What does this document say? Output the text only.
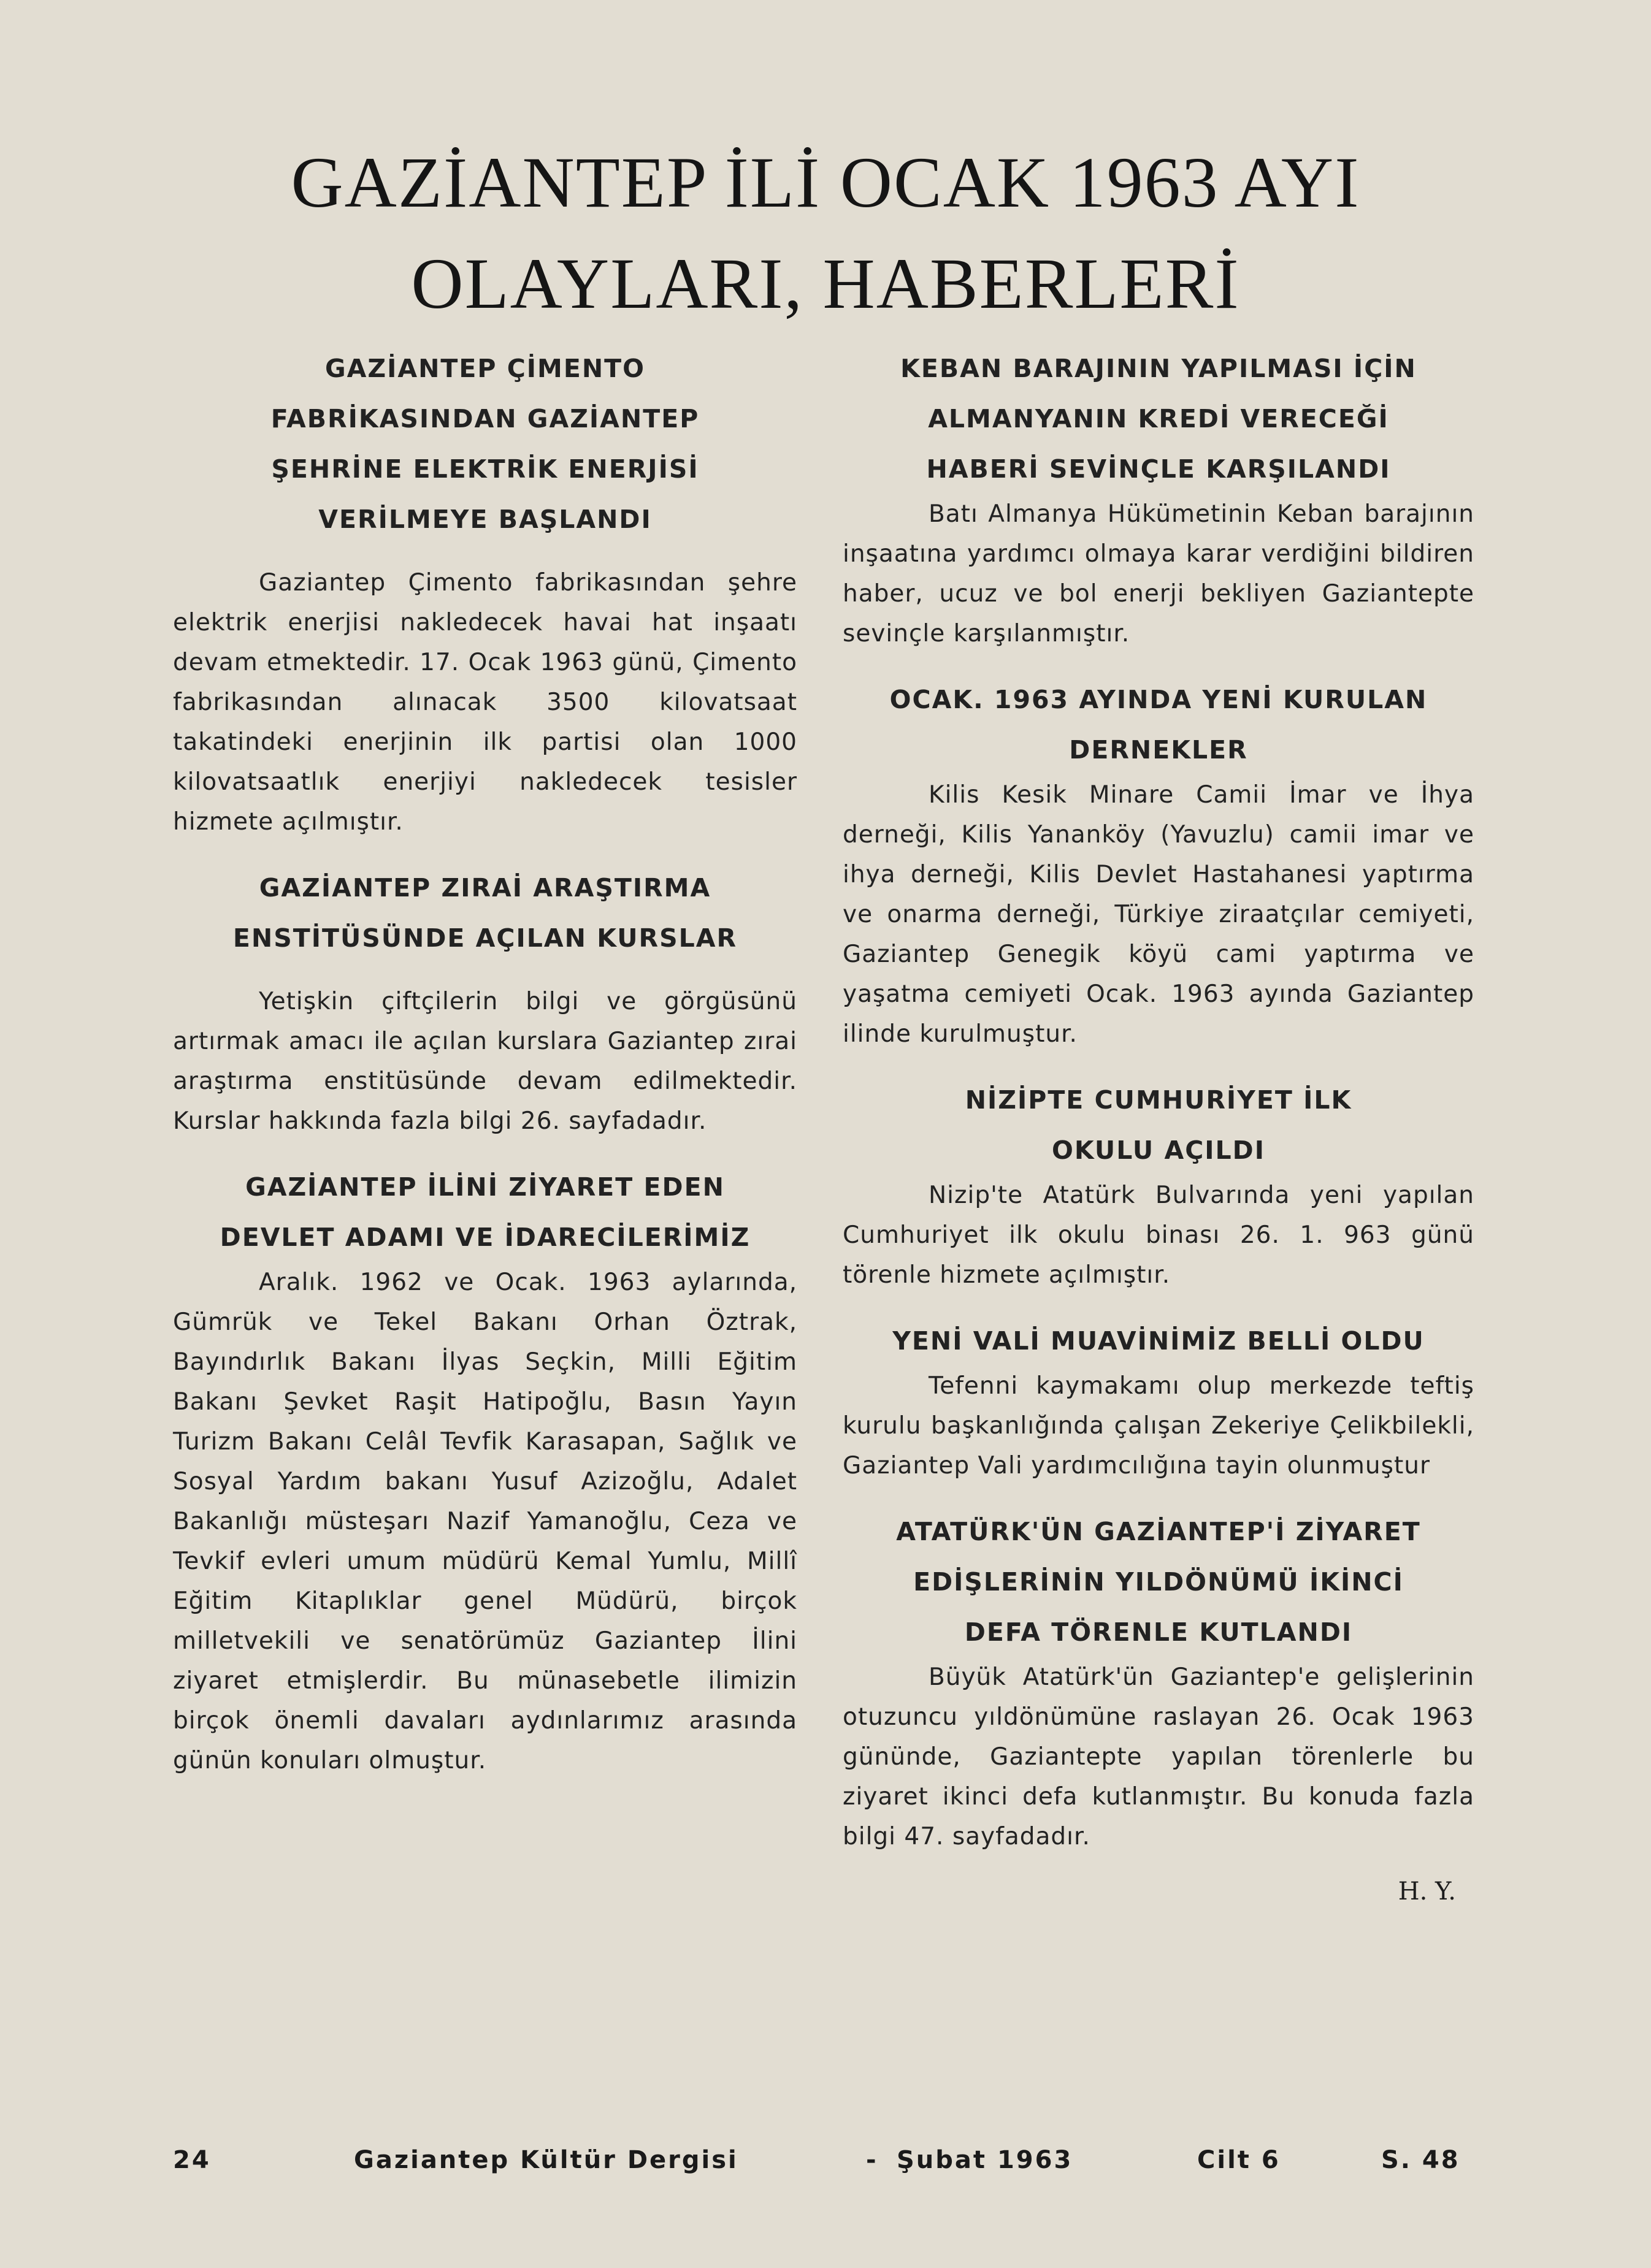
GAZİANTEP İLİ OCAK 1963 AYI
OLAYLARI, HABERLERİ

GAZİANTEP ÇİMENTO

FABRİKASINDAN GAZİANTEP

ŞEHRİNE ELEKTRİK ENERJİSİ

VERİLMEYE BAŞLANDI

Gaziantep Çimento fabrikasından şehre elektrik enerjisi nakledecek havai hat inşaatı devam etmektedir. 17. Ocak 1963 günü, Çimento fabrikasından alınacak 3500 kilovatsaat takatindeki enerjinin ilk partisi olan 1000 kilovatsaatlık enerjiyi nakledecek tesisler hizmete açılmıştır.

GAZİANTEP ZIRAİ ARAŞTIRMA

ENSTİTÜSÜNDE AÇILAN KURSLAR

Yetişkin çiftçilerin bilgi ve görgüsünü artırmak amacı ile açılan kurslara Gaziantep zırai araştırma enstitüsünde devam edilmektedir. Kurslar hakkında fazla bilgi 26. sayfadadır.

GAZİANTEP İLİNİ ZİYARET EDEN

DEVLET ADAMI VE İDARECİLERİMİZ

Aralık. 1962 ve Ocak. 1963 aylarında, Gümrük ve Tekel Bakanı Orhan Öztrak, Bayındırlık Bakanı İlyas Seçkin, Milli Eğitim Bakanı Şevket Raşit Hatipoğlu, Basın Yayın Turizm Bakanı Celâl Tevfik Karasapan, Sağlık ve Sosyal Yardım bakanı Yusuf Azizoğlu, Adalet Bakanlığı müsteşarı Nazif Yamanoğlu, Ceza ve Tevkif evleri umum müdürü Kemal Yumlu, Millî Eğitim Kitaplıklar genel Müdürü, birçok milletvekili ve senatörümüz Gaziantep İlini ziyaret etmişlerdir. Bu münasebetle ilimizin birçok önemli davaları aydınlarımız arasında günün konuları olmuştur.

KEBAN BARAJININ YAPILMASI İÇİN

ALMANYANIN KREDİ VERECEĞİ

HABERİ SEVİNÇLE KARŞILANDI

Batı Almanya Hükümetinin Keban barajının inşaatına yardımcı olmaya karar verdiğini bildiren haber, ucuz ve bol enerji bekliyen Gaziantepte sevinçle karşılanmıştır.

OCAK. 1963 AYINDA YENİ KURULAN

DERNEKLER

Kilis Kesik Minare Camii İmar ve İhya derneği, Kilis Yananköy (Yavuzlu) camii imar ve ihya derneği, Kilis Devlet Hastahanesi yaptırma ve onarma derneği, Türkiye ziraatçılar cemiyeti, Gaziantep Genegik köyü cami yaptırma ve yaşatma cemiyeti Ocak. 1963 ayında Gaziantep ilinde kurulmuştur.

NİZİPTE CUMHURİYET İLK

OKULU AÇILDI

Nizip'te Atatürk Bulvarında yeni yapılan Cumhuriyet ilk okulu binası 26. 1. 963 günü törenle hizmete açılmıştır.

YENİ VALİ MUAVİNİMİZ BELLİ OLDU

Tefenni kaymakamı olup merkezde teftiş kurulu başkanlığında çalışan Zekeriye Çelikbilekli, Gaziantep Vali yardımcılığına tayin olunmuştur

ATATÜRK'ÜN GAZİANTEP'İ ZİYARET

EDİŞLERİNİN YILDÖNÜMÜ İKİNCİ

DEFA TÖRENLE KUTLANDI

Büyük Atatürk'ün Gaziantep'e gelişlerinin otuzuncu yıldönümüne raslayan 26. Ocak 1963 gününde, Gaziantepte yapılan törenlerle bu ziyaret ikinci defa kutlanmıştır. Bu konuda fazla bilgi 47. sayfadadır.

H. Y.

24	Gaziantep Kültür Dergisi	- Şubat 1963	Cilt 6	S. 48
